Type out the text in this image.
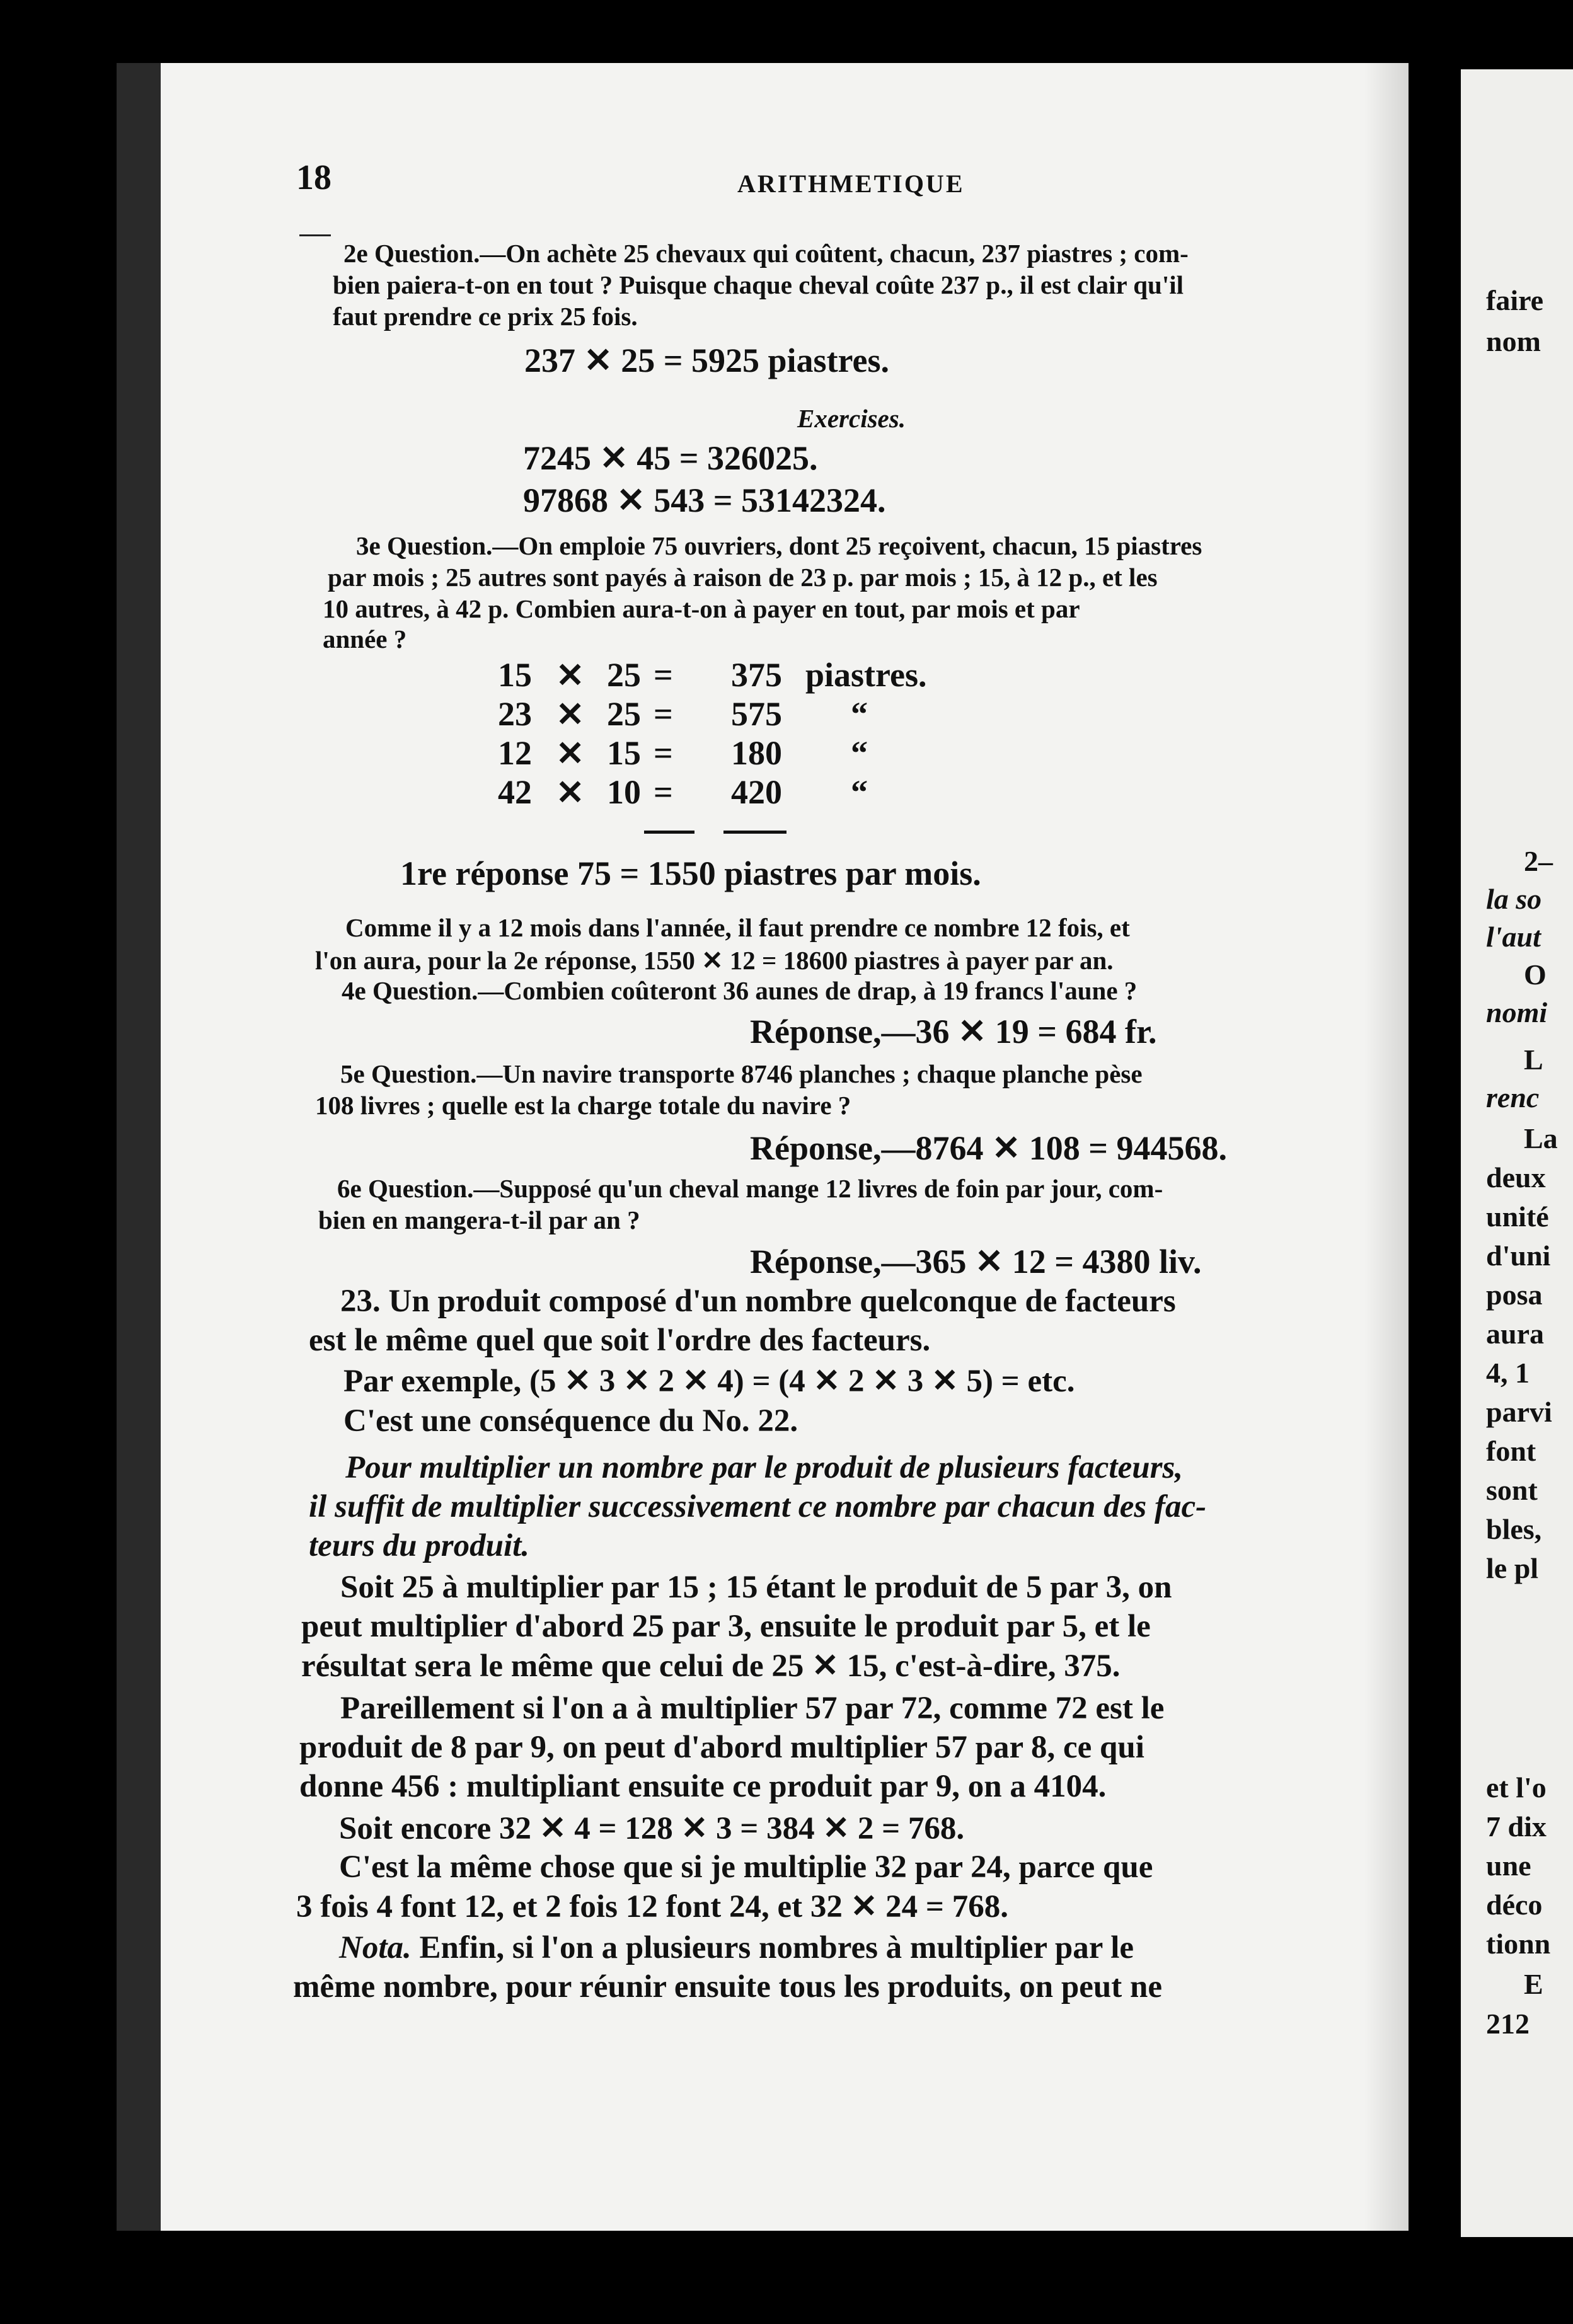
18	ARITHMETIQUE
2e Question.—On achète 25 chevaux qui coûtent, chacun, 237 piastres ; com-
bien paiera-t-on en tout ? Puisque chaque cheval coûte 237 p., il est clair qu'il
faut prendre ce prix 25 fois.
237 ✕ 25 = 5925 piastres.
Exercises.
7245 ✕ 45 = 326025.
97868 ✕ 543 = 53142324.
3e Question.—On emploie 75 ouvriers, dont 25 reçoivent, chacun, 15 piastres
par mois ; 25 autres sont payés à raison de 23 p. par mois ; 15, à 12 p., et les
10 autres, à 42 p. Combien aura-t-on à payer en tout, par mois et par
année ?
15 ✕ 25 = 375 piastres.
23 ✕ 25 = 575 “
12 ✕ 15 = 180 “
42 ✕ 10 = 420 “
1re réponse 75 = 1550 piastres par mois.
Comme il y a 12 mois dans l'année, il faut prendre ce nombre 12 fois, et
l'on aura, pour la 2e réponse, 1550 ✕ 12 = 18600 piastres à payer par an.
4e Question.—Combien coûteront 36 aunes de drap, à 19 francs l'aune ?
Réponse,—36 ✕ 19 = 684 fr.
5e Question.—Un navire transporte 8746 planches ; chaque planche pèse
108 livres ; quelle est la charge totale du navire ?
Réponse,—8764 ✕ 108 = 944568.
6e Question.—Supposé qu'un cheval mange 12 livres de foin par jour, com-
bien en mangera-t-il par an ?
Réponse,—365 ✕ 12 = 4380 liv.
23. Un produit composé d'un nombre quelconque de facteurs
est le même quel que soit l'ordre des facteurs.
Par exemple, (5 ✕ 3 ✕ 2 ✕ 4) = (4 ✕ 2 ✕ 3 ✕ 5) = etc.
C'est une conséquence du No. 22.
Pour multiplier un nombre par le produit de plusieurs facteurs,
il suffit de multiplier successivement ce nombre par chacun des fac-
teurs du produit.
Soit 25 à multiplier par 15 ; 15 étant le produit de 5 par 3, on
peut multiplier d'abord 25 par 3, ensuite le produit par 5, et le
résultat sera le même que celui de 25 ✕ 15, c'est-à-dire, 375.
Pareillement si l'on a à multiplier 57 par 72, comme 72 est le
produit de 8 par 9, on peut d'abord multiplier 57 par 8, ce qui
donne 456 : multipliant ensuite ce produit par 9, on a 4104.
Soit encore 32 ✕ 4 = 128 ✕ 3 = 384 ✕ 2 = 768.
C'est la même chose que si je multiplie 32 par 24, parce que
3 fois 4 font 12, et 2 fois 12 font 24, et 32 ✕ 24 = 768.
Nota. Enfin, si l'on a plusieurs nombres à multiplier par le
même nombre, pour réunir ensuite tous les produits, on peut ne
faire
nom
2–
la so
l'aut
O
nomi
L
renc
La
deux
unité
d'uni
posa
aura
4, 1
parvi
font
sont
bles,
le pl
et l'o
7 dix
une
déco
tionn
E
212
